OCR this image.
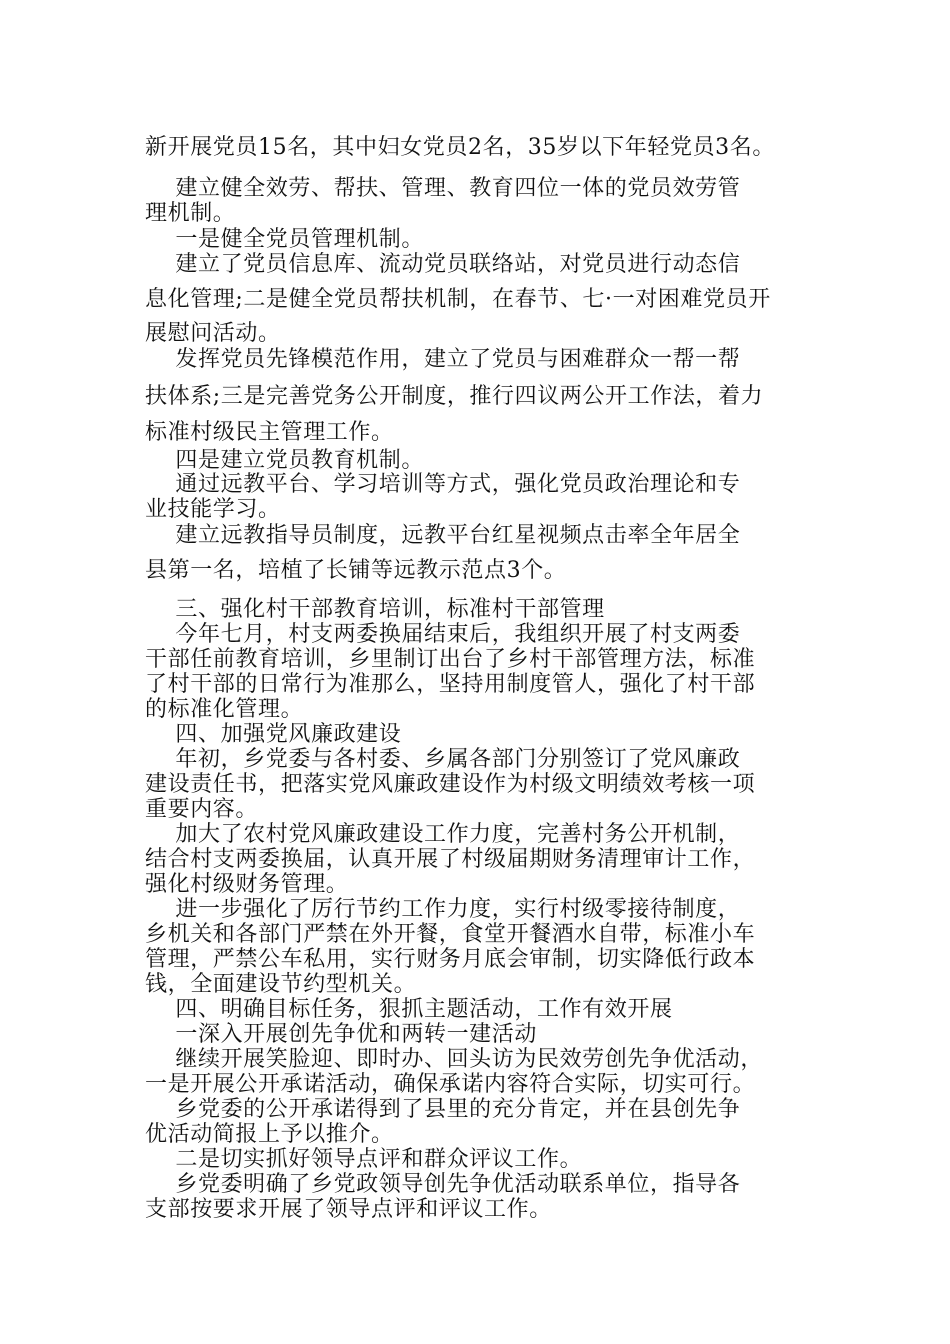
新开展党员15名，其中妇女党员2名，35岁以下年轻党员3名。

建立健全效劳、帮扶、管理、教育四位一体的党员效劳管

理机制。

一是健全党员管理机制。

建立了党员信息库、流动党员联络站，对党员进行动态信

息化管理;二是健全党员帮扶机制，在春节、七·一对困难党员开

展慰问活动。

发挥党员先锋模范作用，建立了党员与困难群众一帮一帮

扶体系;三是完善党务公开制度，推行四议两公开工作法，着力

标准村级民主管理工作。

四是建立党员教育机制。

通过远教平台、学习培训等方式，强化党员政治理论和专

业技能学习。

建立远教指导员制度，远教平台红星视频点击率全年居全

县第一名，培植了长铺等远教示范点3个。

三、强化村干部教育培训，标准村干部管理

今年七月，村支两委换届结束后，我组织开展了村支两委

干部任前教育培训，乡里制订出台了乡村干部管理方法，标准

了村干部的日常行为准那么，坚持用制度管人，强化了村干部

的标准化管理。

四、加强党风廉政建设

年初，乡党委与各村委、乡属各部门分别签订了党风廉政

建设责任书，把落实党风廉政建设作为村级文明绩效考核一项

重要内容。

加大了农村党风廉政建设工作力度，完善村务公开机制，

结合村支两委换届，认真开展了村级届期财务清理审计工作，

强化村级财务管理。

进一步强化了厉行节约工作力度，实行村级零接待制度，

乡机关和各部门严禁在外开餐，食堂开餐酒水自带，标准小车

管理，严禁公车私用，实行财务月底会审制，切实降低行政本

钱，全面建设节约型机关。

四、明确目标任务，狠抓主题活动，工作有效开展

一深入开展创先争优和两转一建活动

继续开展笑脸迎、即时办、回头访为民效劳创先争优活动，

一是开展公开承诺活动，确保承诺内容符合实际，切实可行。

乡党委的公开承诺得到了县里的充分肯定，并在县创先争

优活动简报上予以推介。

二是切实抓好领导点评和群众评议工作。

乡党委明确了乡党政领导创先争优活动联系单位，指导各

支部按要求开展了领导点评和评议工作。
